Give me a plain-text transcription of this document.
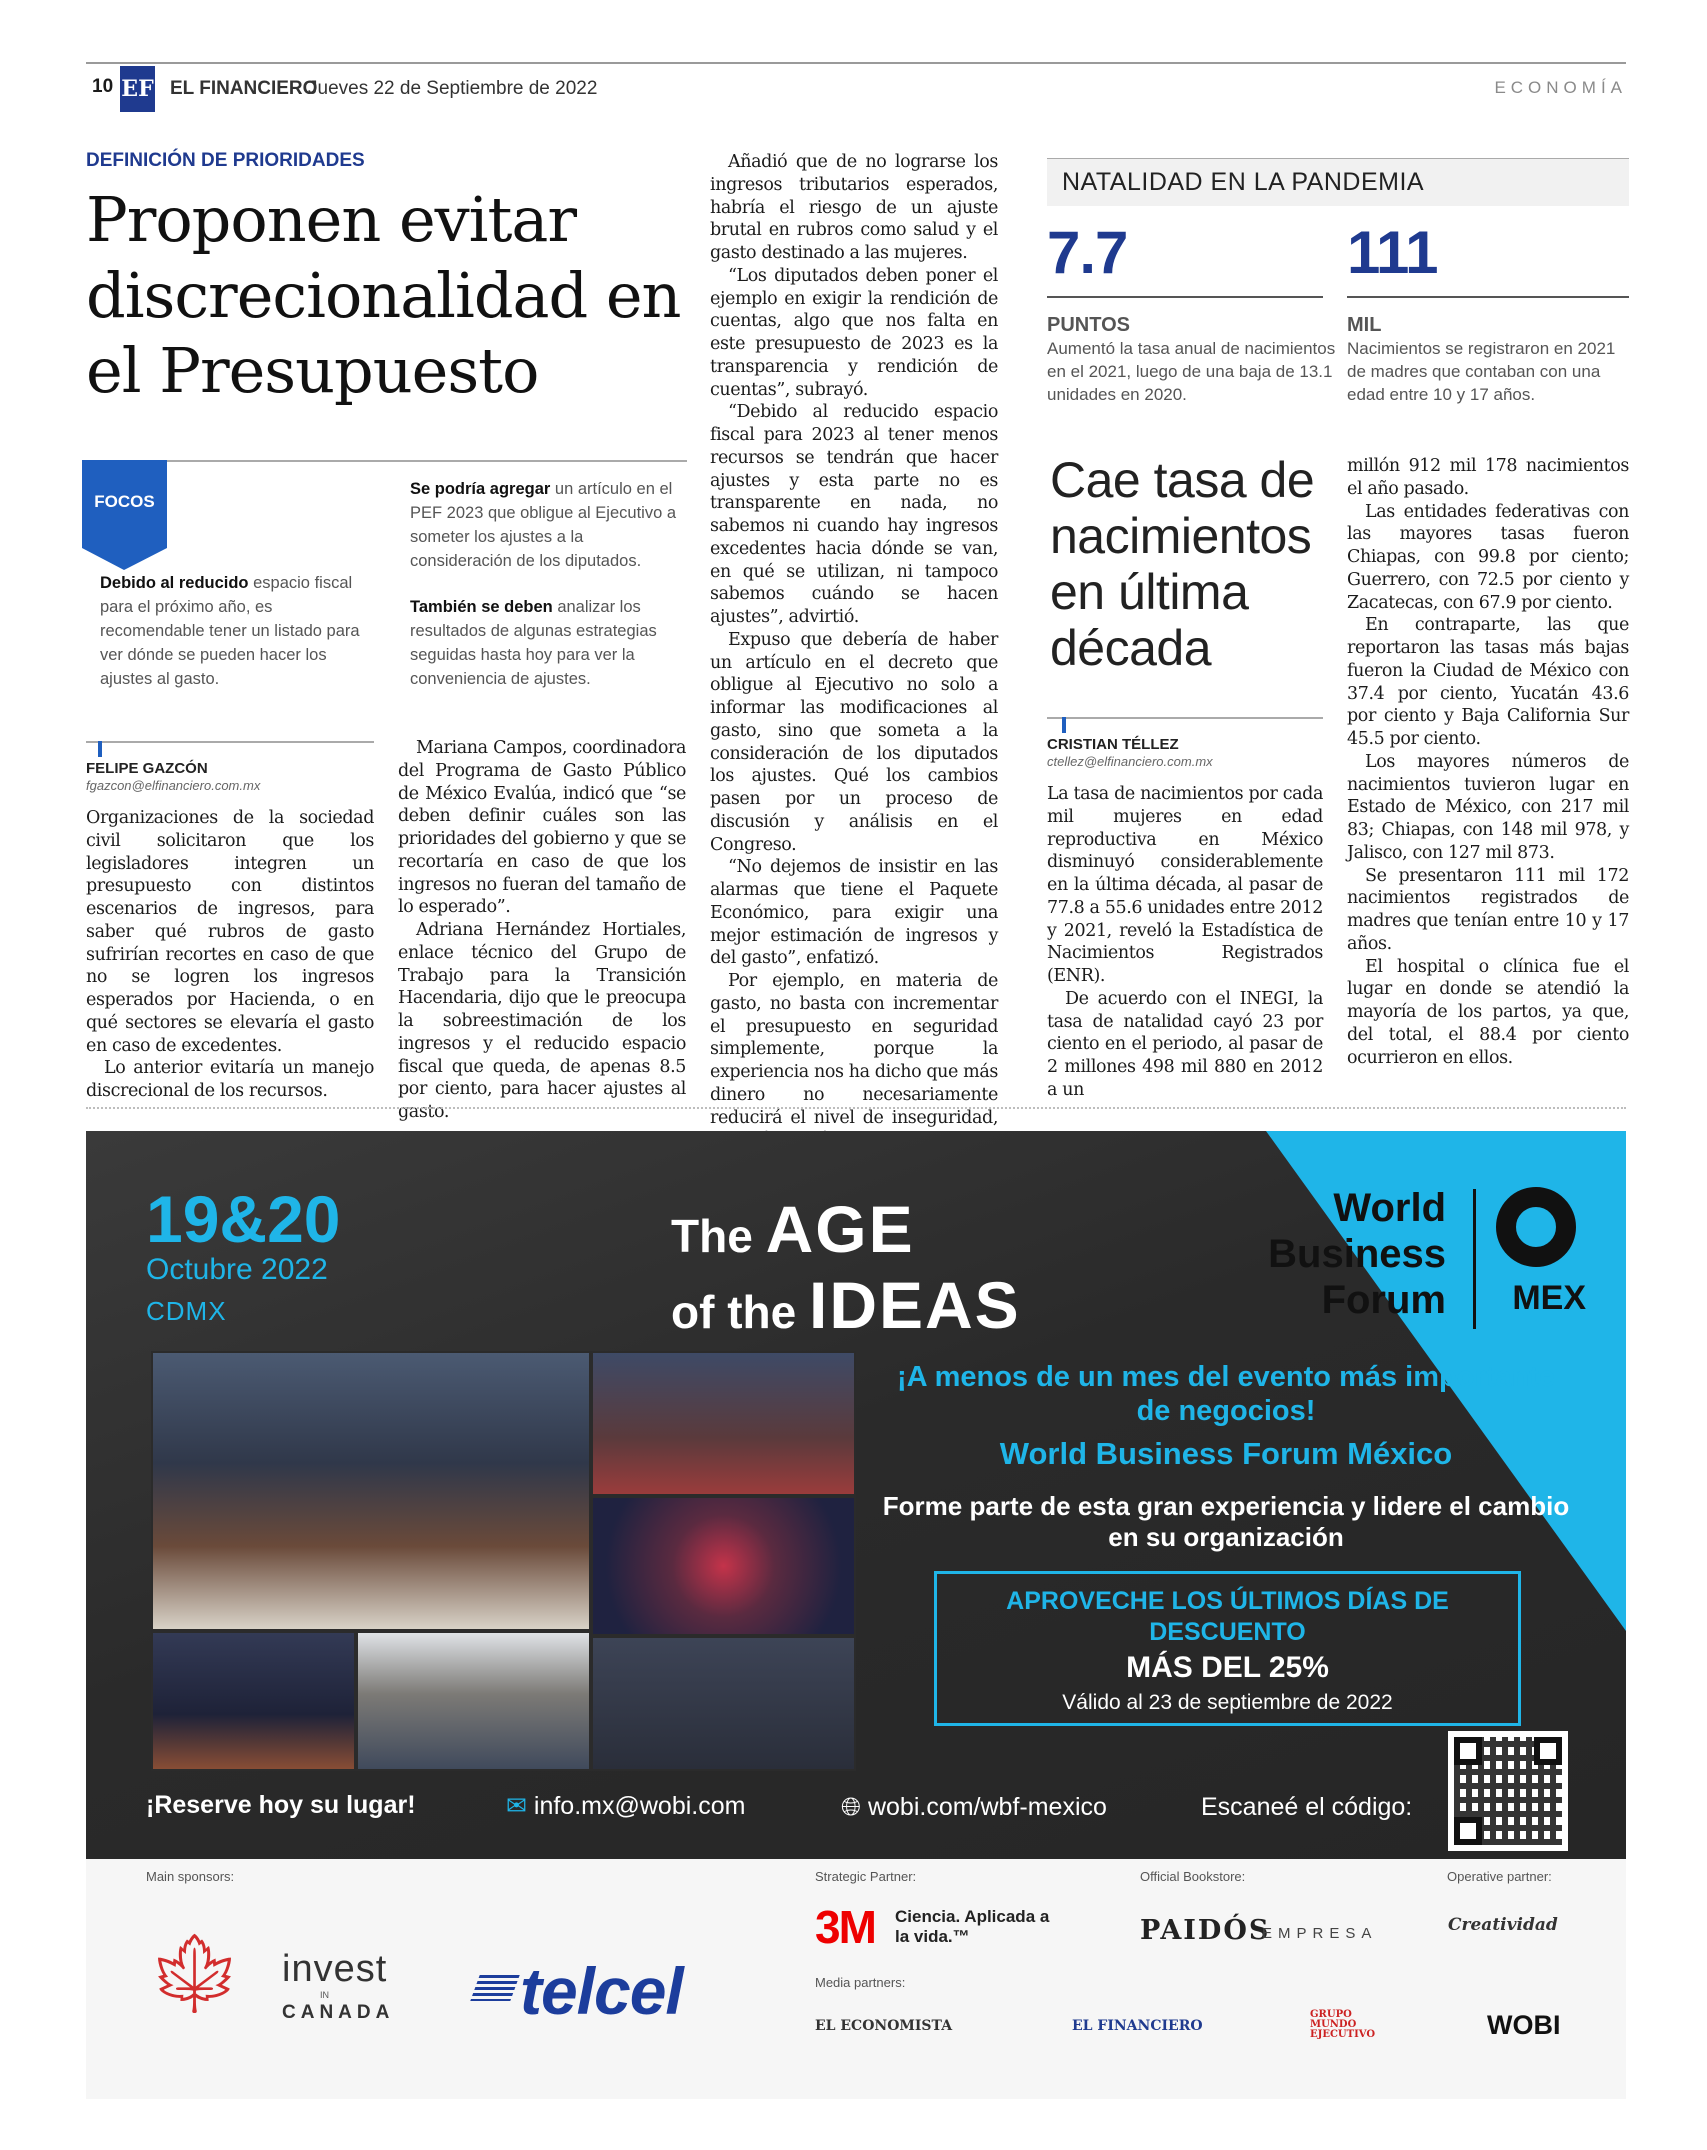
10 EF EL FINANCIERO
Jueves 22 de Septiembre de 2022	ECONOMÍA
DEFINICIÓN DE PRIORIDADES
Proponen evitar discrecionalidad en el Presupuesto
FOCOS
Debido al reducido espacio fiscal para el próximo año, es recomendable tener un listado para ver dónde se pueden hacer los ajustes al gasto.
Se podría agregar un artículo en el PEF 2023 que obligue al Ejecutivo a someter los ajustes a la consideración de los diputados.
También se deben analizar los resultados de algunas estrategias seguidas hasta hoy para ver la conveniencia de ajustes.
FELIPE GAZCÓN
fgazcon@elfinanciero.com.mx

Organizaciones de la sociedad civil solicitaron que los legisladores integren un presupuesto con distintos escenarios de ingresos, para saber qué rubros de gasto sufrirían recortes en caso de que no se logren los ingresos esperados por Hacienda, o en qué sectores se elevaría el gasto en caso de excedentes.

Lo anterior evitaría un manejo discrecional de los recursos.

Mariana Campos, coordinadora del Programa de Gasto Público de México Evalúa, indicó que “se deben definir cuáles son las prioridades del gobierno y que se recortaría en caso de que los ingresos no fueran del tamaño de lo esperado”.

Adriana Hernández Hortiales, enlace técnico del Grupo de Trabajo para la Transición Hacendaria, dijo que le preocupa la sobreestimación de los ingresos y el reducido espacio fiscal que queda, de apenas 8.5 por ciento, para hacer ajustes al gasto.

Añadió que de no lograrse los ingresos tributarios esperados, habría el riesgo de un ajuste brutal en rubros como salud y el gasto destinado a las mujeres.

“Los diputados deben poner el ejemplo en exigir la rendición de cuentas, algo que nos falta en este presupuesto de 2023 es la transparencia y rendición de cuentas”, subrayó.

“Debido al reducido espacio fiscal para 2023 al tener menos recursos se tendrán que hacer ajustes y esta parte no es transparente en nada, no sabemos ni cuando hay ingresos excedentes hacia dónde se van, en qué se utilizan, ni tampoco sabemos cuándo se hacen ajustes”, advirtió.

Expuso que debería de haber un artículo en el decreto que obligue al Ejecutivo no solo a informar las modificaciones al gasto, sino que someta a la consideración de los diputados los ajustes. Qué los cambios pasen por un proceso de discusión y análisis en el Congreso.

“No dejemos de insistir en las alarmas que tiene el Paquete Económico, para exigir una mejor estimación de ingresos y del gasto”, enfatizó.

Por ejemplo, en materia de gasto, no basta con incrementar el presupuesto en seguridad simplemente, porque la experiencia nos ha dicho que más dinero no necesariamente reducirá el nivel de inseguridad,

NATALIDAD EN LA PANDEMIA
7.7
PUNTOS
Aumentó la tasa anual de nacimientos en el 2021, luego de una baja de 13.1 unidades en 2020.
111
MIL
Nacimientos se registraron en 2021 de madres que contaban con una edad entre 10 y 17 años.
Cae tasa de nacimientos en última década
CRISTIAN TÉLLEZ
ctellez@elfinanciero.com.mx

La tasa de nacimientos por cada mil mujeres en edad reproductiva en México disminuyó considerablemente en la última década, al pasar de 77.8 a 55.6 unidades entre 2012 y 2021, reveló la Estadística de Nacimientos Registrados (ENR).

De acuerdo con el INEGI, la tasa de natalidad cayó 23 por ciento en el periodo, al pasar de 2 millones 498 mil 880 en 2012 a un

millón 912 mil 178 nacimientos el año pasado.

Las entidades federativas con las mayores tasas fueron Chiapas, con 99.8 por ciento; Guerrero, con 72.5 por ciento y Zacatecas, con 67.9 por ciento.

En contraparte, las que reportaron las tasas más bajas fueron la Ciudad de México con 37.4 por ciento, Yucatán 43.6 por ciento y Baja California Sur 45.5 por ciento.

Los mayores números de nacimientos tuvieron lugar en Estado de México, con 217 mil 83; Chiapas, con 148 mil 978, y Jalisco, con 127 mil 873.

Se presentaron 111 mil 172 nacimientos registrados de madres que tenían entre 10 y 17 años.

El hospital o clínica fue el lugar en donde se atendió la mayoría de los partos, ya que, del total, el 88.4 por ciento ocurrieron en ellos.

19&20
Octubre 2022
CDMX
The AGE
of the IDEAS
World
Business
Forum MEX
¡A menos de un mes del evento más importante de negocios!
World Business Forum México
Forme parte de esta gran experiencia y lidere el cambio en su organización
APROVECHE LOS ÚLTIMOS DÍAS DE DESCUENTO
MÁS DEL 25%
Válido al 23 de septiembre de 2022
¡Reserve hoy su lugar!	✉ info.mx@wobi.com	🌐︎ wobi.com/wbf-mexico	Escaneé el código:
Main sponsors:
🍁︎ invest
IN
CANADA telcel
Strategic Partner:
3M Ciencia. Aplicada a la vida.™
Official Bookstore:
PAIDÓS
EMPRESA
Operative partner:
Creatividad
Media partners:
EL ECONOMISTA	EL FINANCIERO
GRUPO MUNDO EJECUTIVO	WOBI
